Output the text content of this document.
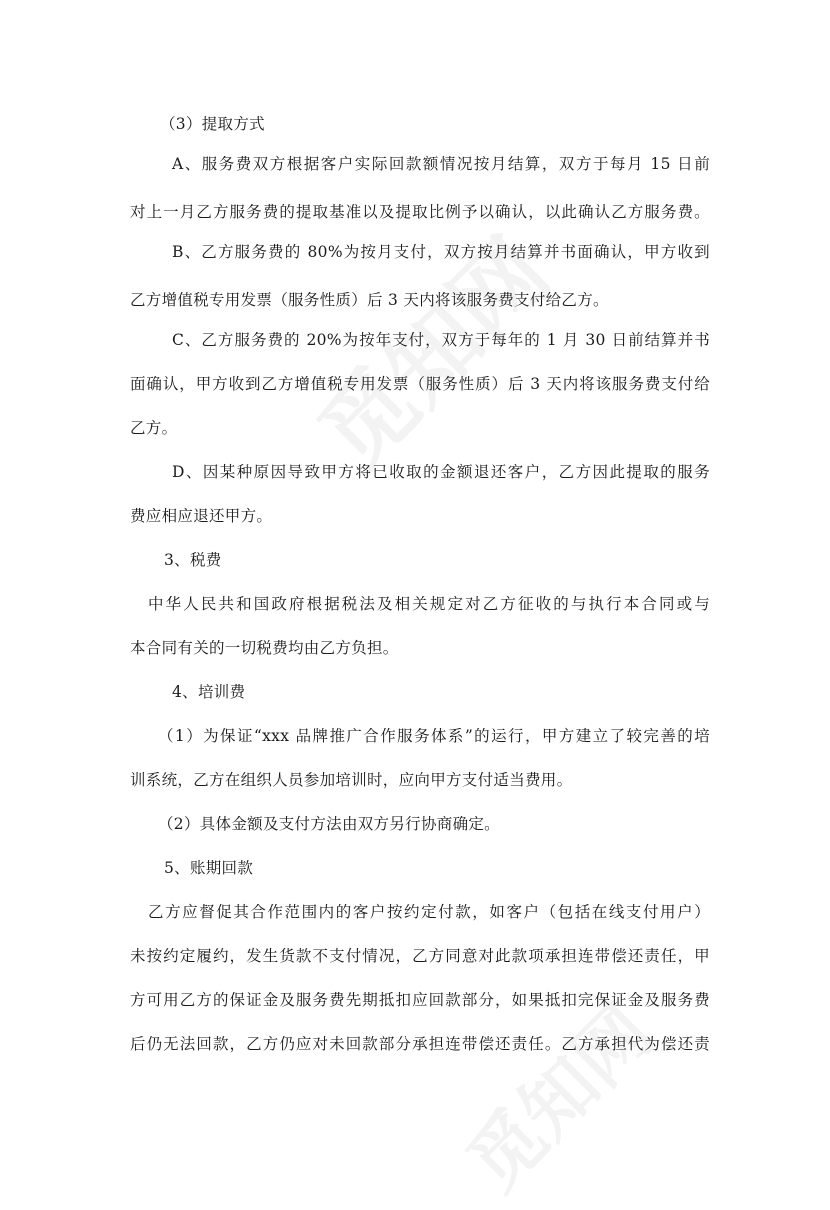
（3）提取方式
A、服务费双方根据客户实际回款额情况按月结算，双方于每月 15 日前
对上一月乙方服务费的提取基准以及提取比例予以确认，以此确认乙方服务费。
B、乙方服务费的 80%为按月支付，双方按月结算并书面确认，甲方收到
乙方增值税专用发票（服务性质）后 3 天内将该服务费支付给乙方。
C、乙方服务费的 20%为按年支付，双方于每年的 1 月 30 日前结算并书
面确认，甲方收到乙方增值税专用发票（服务性质）后 3 天内将该服务费支付给
乙方。
D、因某种原因导致甲方将已收取的金额退还客户，乙方因此提取的服务
费应相应退还甲方。
3、税费
中华人民共和国政府根据税法及相关规定对乙方征收的与执行本合同或与
本合同有关的一切税费均由乙方负担。
4、培训费
（1）为保证“xxx 品牌推广合作服务体系”的运行，甲方建立了较完善的培
训系统，乙方在组织人员参加培训时，应向甲方支付适当费用。
（2）具体金额及支付方法由双方另行协商确定。
5、账期回款
乙方应督促其合作范围内的客户按约定付款，如客户（包括在线支付用户）
未按约定履约，发生货款不支付情况，乙方同意对此款项承担连带偿还责任，甲
方可用乙方的保证金及服务费先期抵扣应回款部分，如果抵扣完保证金及服务费
后仍无法回款，乙方仍应对未回款部分承担连带偿还责任。乙方承担代为偿还责
